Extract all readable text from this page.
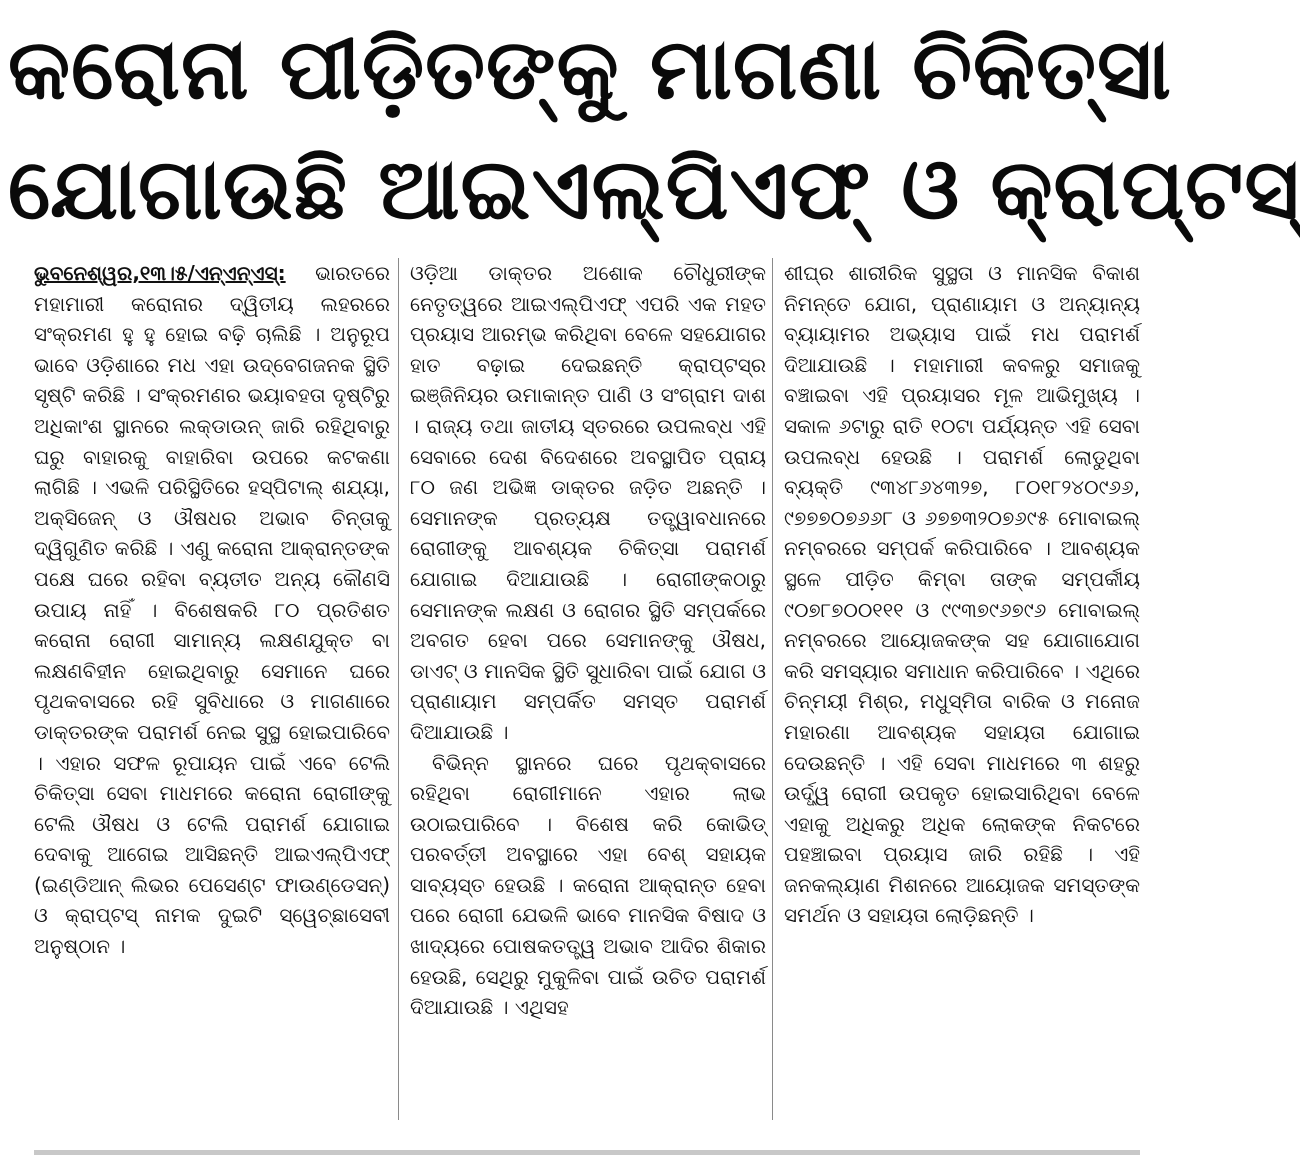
କରୋନା ପୀଡ଼ିତଙ୍କୁ ମାଗଣା ଚିକିତ୍ସା
ଯୋଗାଉଛି ଆଇଏଲ୍‌ପିଏଫ୍‌ ଓ କ୍ରାପ୍ଟସ୍‌

ଭୁବନେଶ୍ୱର,୧୩।୫/ଏନ୍‌ଏନ୍‌ଏସ୍‌: ଭାରତରେ ମହାମାରୀ କରୋନାର ଦ୍ୱିତୀୟ ଲହରରେ ସଂକ୍ରମଣ ହୁ ହୁ ହୋଇ ବଢ଼ି ଚାଲିଛି । ଅନୁରୂପ ଭାବେ ଓଡ଼ିଶାରେ ମଧ ଏହା ଉଦ୍‌ବେଗଜନକ ସ୍ଥିତି ସୃଷ୍ଟି କରିଛି । ସଂକ୍ରମଣର ଭୟାବହତା ଦୃଷ୍ଟିରୁ ଅଧିକାଂଶ ସ୍ଥାନରେ ଲକ୍‌ଡାଉନ୍ ଜାରି ରହିଥିବାରୁ ଘରୁ ବାହାରକୁ ବାହାରିବା ଉପରେ କଟକଣା ଲାଗିଛି । ଏଭଳି ପରିସ୍ଥିତିରେ ହସ୍‌ପିଟାଲ୍ ଶଯ୍ୟା, ଅକ୍ସିଜେନ୍ ଓ ଔଷଧର ଅଭାବ ଚିନ୍ତାକୁ ଦ୍ୱିଗୁଣିତ କରିଛି । ଏଣୁ କରୋନା ଆକ୍ରାନ୍ତଙ୍କ ପକ୍ଷେ ଘରେ ରହିବା ବ୍ୟତୀତ ଅନ୍ୟ କୌଣସି ଉପାୟ ନାହିଁ । ବିଶେଷକରି ୮୦ ପ୍ରତିଶତ କରୋନା ରୋଗୀ ସାମାନ୍ୟ ଲକ୍ଷଣଯୁକ୍ତ ବା ଲକ୍ଷଣବିହୀନ ହୋଇଥିବାରୁ ସେମାନେ ଘରେ ପୃଥକବାସରେ ରହି ସୁବିଧାରେ ଓ ମାଗଣାରେ ଡାକ୍ତରଙ୍କ ପରାମର୍ଶ ନେଇ ସୁସ୍ଥ ହୋଇପାରିବେ । ଏହାର ସଫଳ ରୂପାୟନ ପାଇଁ ଏବେ ଟେଲି ଚିକିତ୍ସା ସେବା ମାଧମରେ କରୋନା ରୋଗୀଙ୍କୁ ଟେଲି ଔଷଧ ଓ ଟେଲି ପରାମର୍ଶ ଯୋଗାଇ ଦେବାକୁ ଆଗେଇ ଆସିଛନ୍ତି ଆଇଏଲ୍‌ପିଏଫ୍ (ଇଣ୍ଡିଆନ୍ ଲିଭର ପେସେଣ୍ଟ ଫାଉଣ୍ଡେସନ୍) ଓ କ୍ରାପ୍ଟସ୍ ନାମକ ଦୁଇଟି ସ୍ୱେଚ୍ଛାସେବୀ ଅନୁଷ୍ଠାନ ।

ଓଡ଼ିଆ ଡାକ୍ତର ଅଶୋକ ଚୌଧୁରୀଙ୍କ ନେତୃତ୍ୱରେ ଆଇଏଲ୍‌ପିଏଫ୍ ଏପରି ଏକ ମହତ ପ୍ରୟାସ ଆରମ୍ଭ କରିଥିବା ବେଳେ ସହଯୋଗର ହାତ ବଢ଼ାଇ ଦେଇଛନ୍ତି କ୍ରାପ୍ଟସ୍‌ର ଇଞ୍ଜିନିୟର ଉମାକାନ୍ତ ପାଣି ଓ ସଂଗ୍ରାମ ଦାଶ । ରାଜ୍ୟ ତଥା ଜାତୀୟ ସ୍ତରରେ ଉପଲବ୍ଧ ଏହି ସେବାରେ ଦେଶ ବିଦେଶରେ ଅବସ୍ଥାପିତ ପ୍ରାୟ ୮୦ ଜଣ ଅଭିଜ୍ଞ ଡାକ୍ତର ଜଡ଼ିତ ଅଛନ୍ତି । ସେମାନଙ୍କ ପ୍ରତ୍ୟକ୍ଷ ତତ୍ତ୍ୱାବଧାନରେ ରୋଗୀଙ୍କୁ ଆବଶ୍ୟକ ଚିକିତ୍ସା ପରାମର୍ଶ ଯୋଗାଇ ଦିଆଯାଉଛି । ରୋଗୀଙ୍କଠାରୁ ସେମାନଙ୍କ ଲକ୍ଷଣ ଓ ରୋଗର ସ୍ଥିତି ସମ୍ପର୍କରେ ଅବଗତ ହେବା ପରେ ସେମାନଙ୍କୁ ଔଷଧ, ଡାଏଟ୍ ଓ ମାନସିକ ସ୍ଥିତି ସୁଧାରିବା ପାଇଁ ଯୋଗ ଓ ପ୍ରାଣାୟାମ ସମ୍ପର୍କିତ ସମସ୍ତ ପରାମର୍ଶ ଦିଆଯାଉଛି ।

ବିଭିନ୍ନ ସ୍ଥାନରେ ଘରେ ପୃଥକ୍‌ବାସରେ ରହିଥିବା ରୋଗୀମାନେ ଏହାର ଲାଭ ଉଠାଇପାରିବେ । ବିଶେଷ କରି କୋଭିଡ୍ ପରବର୍ତ୍ତୀ ଅବସ୍ଥାରେ ଏହା ବେଶ୍ ସହାୟକ ସାବ୍ୟସ୍ତ ହେଉଛି । କରୋନା ଆକ୍ରାନ୍ତ ହେବା ପରେ ରୋଗୀ ଯେଭଳି ଭାବେ ମାନସିକ ବିଷାଦ ଓ ଖାଦ୍ୟରେ ପୋଷକତତ୍ତ୍ୱ ଅଭାବ ଆଦିର ଶିକାର ହେଉଛି, ସେଥିରୁ ମୁକୁଳିବା ପାଇଁ ଉଚିତ ପରାମର୍ଶ ଦିଆଯାଉଛି । ଏଥିସହ

ଶୀଘ୍ର ଶାରୀରିକ ସୁସ୍ଥତା ଓ ମାନସିକ ବିକାଶ ନିମନ୍ତେ ଯୋଗ, ପ୍ରାଣାୟାମ ଓ ଅନ୍ୟାନ୍ୟ ବ୍ୟାୟାମର ଅଭ୍ୟାସ ପାଇଁ ମଧ ପରାମର୍ଶ ଦିଆଯାଉଛି । ମହାମାରୀ କବଳରୁ ସମାଜକୁ ବଞ୍ଚାଇବା ଏହି ପ୍ରୟାସର ମୂଳ ଆଭିମୁଖ୍ୟ । ସକାଳ ୬ଟାରୁ ରାତି ୧୦ଟା ପର୍ଯ୍ୟନ୍ତ ଏହି ସେବା ଉପଲବ୍ଧ ହେଉଛି । ପରାମର୍ଶ ଲୋଡୁଥିବା ବ୍ୟକ୍ତି ୯୩୪୮୬୪୩୨୭, ୮୦୧୮୨୪୦୯୬୬, ୯୭୭୭୦୭୬୬୮ ଓ ୬୭୭୩୨୦୭୬୯୫ ମୋବାଇଲ୍ ନମ୍ବରରେ ସମ୍ପର୍କ କରିପାରିବେ । ଆବଶ୍ୟକ ସ୍ଥଳେ ପୀଡ଼ିତ କିମ୍ବା ତାଙ୍କ ସମ୍ପର୍କୀୟ ୯୦୭୮୭୦୦୧୧୧ ଓ ୯୯୩୭୯୬୭୯୬ ମୋବାଇଲ୍ ନମ୍ବରରେ ଆୟୋଜକଙ୍କ ସହ ଯୋଗାଯୋଗ କରି ସମସ୍ୟାର ସମାଧାନ କରିପାରିବେ । ଏଥିରେ ଚିନ୍ମୟୀ ମିଶ୍ର, ମଧୁସ୍ମିତା ବାରିକ ଓ ମନୋଜ ମହାରଣା ଆବଶ୍ୟକ ସହାୟତା ଯୋଗାଇ ଦେଉଛନ୍ତି । ଏହି ସେବା ମାଧମରେ ୩ ଶହରୁ ଉର୍ଦ୍ଧ୍ୱ ରୋଗୀ ଉପକୃତ ହୋଇସାରିଥିବା ବେଳେ ଏହାକୁ ଅଧିକରୁ ଅଧିକ ଲୋକଙ୍କ ନିକଟରେ ପହଞ୍ଚାଇବା ପ୍ରୟାସ ଜାରି ରହିଛି । ଏହି ଜନକଲ୍ୟାଣ ମିଶନରେ ଆୟୋଜକ ସମସ୍ତଙ୍କ ସମର୍ଥନ ଓ ସହାୟତା ଲୋଡ଼ିଛନ୍ତି ।
